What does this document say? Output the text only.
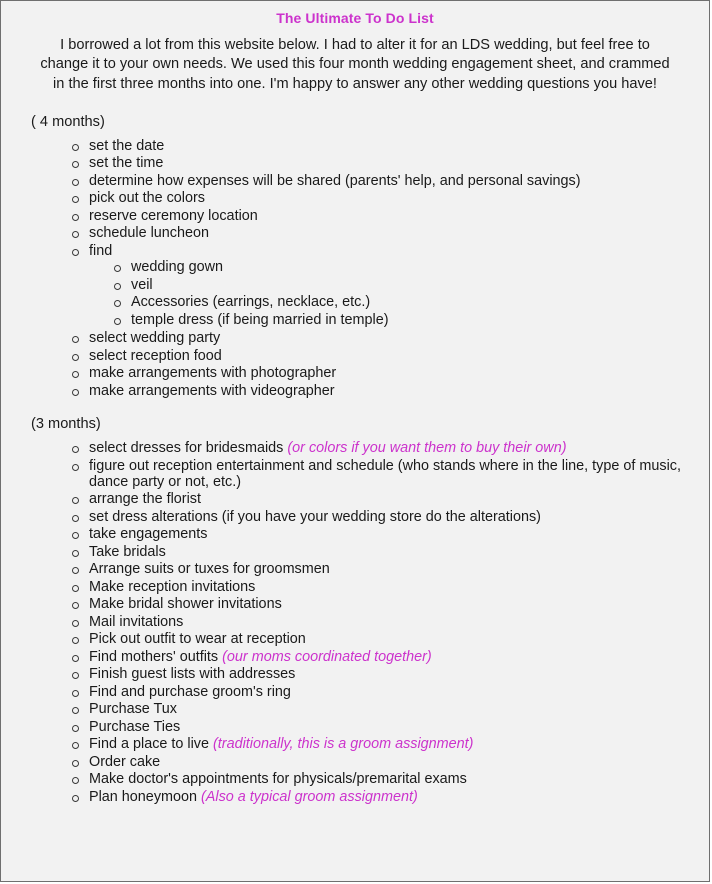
The Ultimate To Do List
I borrowed a lot from this website below. I had to alter it for an LDS wedding, but feel free to change it to your own needs. We used this four month wedding engagement sheet, and crammed in the first three months into one. I'm happy to answer any other wedding questions you have!
( 4 months)
set the date
set the time
determine how expenses will be shared (parents' help, and personal savings)
pick out the colors
reserve ceremony location
schedule luncheon
find
wedding gown
veil
Accessories (earrings, necklace, etc.)
temple dress (if being married in temple)
select wedding party
select reception food
make arrangements with photographer
make arrangements with videographer
(3 months)
select dresses for bridesmaids (or colors if you want them to buy their own)
figure out reception entertainment and schedule (who stands where in the line, type of music, dance party or not, etc.)
arrange the florist
set dress alterations (if you have your wedding store do the alterations)
take engagements
Take bridals
Arrange suits or tuxes for groomsmen
Make reception invitations
Make bridal shower invitations
Mail invitations
Pick out outfit to wear at reception
Find mothers' outfits (our moms coordinated together)
Finish guest lists with addresses
Find and purchase groom's ring
Purchase Tux
Purchase Ties
Find a place to live (traditionally, this is a groom assignment)
Order cake
Make doctor's appointments for physicals/premarital exams
Plan honeymoon (Also a typical groom assignment)
